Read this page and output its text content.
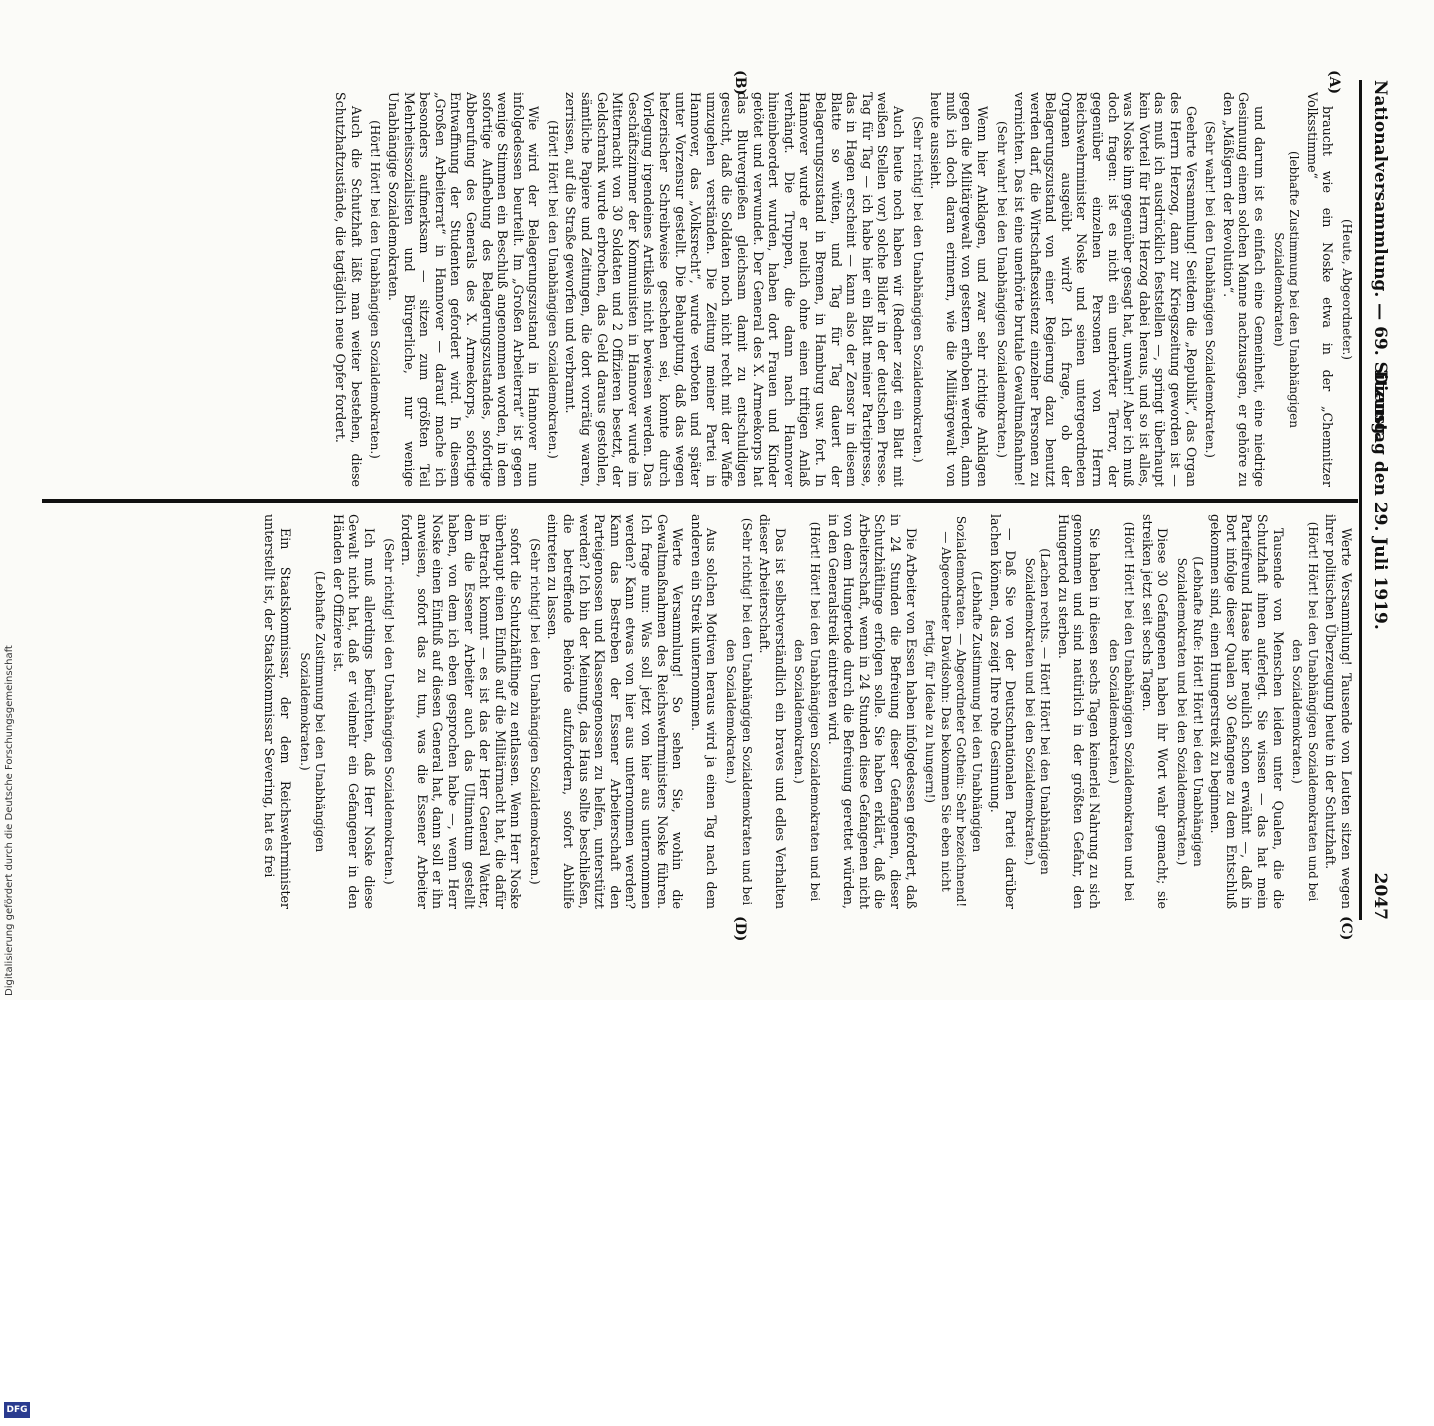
Nationalversammlung. — 69. Sitzung.
Dienstag den 29. Juli 1919.
2047
(A)
(B)
(C)
(D)

(Heute, Abgeordneter.)

braucht wie ein Noske etwa in der „Chemnitzer Volksstimme“

(lebhafte Zustimmung bei den Unabhängigen Sozialdemokraten)

und darum ist es einfach eine Gemeinheit, eine niedrige Gesinnung einem solchen Manne nachzusagen, er gehöre zu den „Mäßigern der Revolution“.

(Sehr wahr! bei den Unabhängigen Sozialdemokraten.)

Geehrte Versammlung! Seitdem die „Republik“, das Organ des Herrn Herzog, dann zur Kriegszeitung geworden ist — das muß ich ausdrücklich feststellen —, springt überhaupt kein Vorteil für Herrn Herzog dabei heraus, und so ist alles, was Noske ihm gegenüber gesagt hat, unwahr! Aber ich muß doch fragen: ist es nicht ein unerhörter Terror, der gegenüber einzelnen Personen von Herrn Reichswehrminister Noske und seinen untergeordneten Organen ausgeübt wird? Ich frage, ob der Belagerungszustand von einer Regierung dazu benutzt werden darf, die Wirtschaftsexistenz einzelner Personen zu vernichten. Das ist eine unerhörte brutale Gewaltmaßnahme!

(Sehr wahr! bei den Unabhängigen Sozialdemokraten.)

Wenn hier Anklagen, und zwar sehr richtige Anklagen gegen die Militärgewalt von gestern erhoben werden, dann muß ich doch daran erinnern, wie die Militärgewalt von heute aussieht.

(Sehr richtig! bei den Unabhängigen Sozialdemokraten.)

Auch heute noch haben wir (Redner zeigt ein Blatt mit weißen Stellen vor) solche Bilder in der deutschen Presse. Tag für Tag — ich habe hier ein Blatt meiner Parteipresse, das in Hagen erscheint — kann also der Zensor in diesem Blatte so wüten, und Tag für Tag dauert der Belagerungszustand in Bremen, in Hamburg usw. fort. In Hannover wurde er neulich ohne einen triftigen Anlaß verhängt. Die Truppen, die dann nach Hannover hineinbeordert wurden, haben dort Frauen und Kinder getötet und verwundet. Der General des X. Armeekorps hat das Blutvergießen gleichsam damit zu entschuldigen gesucht, daß die Soldaten noch nicht recht mit der Waffe umzugehen verständen. Die Zeitung meiner Partei in Hannover, das „Volksrecht“, wurde verboten und später unter Vorzensur gestellt. Die Behauptung, daß das wegen hetzerischer Schreibweise geschehen sei, konnte durch Vorlegung irgendeines Artikels nicht bewiesen werden. Das Geschäftszimmer der Kommunisten in Hannover wurde im Mitternacht von 30 Soldaten und 2 Offizieren besetzt, der Geldschrank wurde erbrochen, das Geld daraus gestohlen, sämtliche Papiere und Zeitungen, die dort vorrätig waren, zerrissen, auf die Straße geworfen und verbrannt.

(Hört! Hört! bei den Unabhängigen Sozialdemokraten.)

Wie wird der Belagerungszustand in Hannover nun infolgedessen beurteilt. Im „Großen Arbeiterrat“ ist gegen wenige Stimmen ein Beschluß angenommen worden, in dem sofortige Aufhebung des Belagerungszustandes, sofortige Abberufung des Generals des X. Armeekorps, sofortige Entwaffnung der Studenten gefordert wird. In diesem „Großen Arbeiterrat“ in Hannover — darauf mache ich besonders aufmerksam — sitzen zum größten Teil Mehrheitssozialisten und Bürgerliche, nur wenige Unabhängige Sozialdemokraten.

(Hört! Hört! bei den Unabhängigen Sozialdemokraten.)

Auch die Schutzhaft läßt man weiter bestehen, diese Schutzhaftzustände, die tagtäglich neue Opfer fordert.

Werte Versammlung! Tausende von Leuten sitzen wegen ihrer politischen Überzeugung heute in der Schutzhaft.

(Hört! Hört! bei den Unabhängigen Sozialdemokraten und bei den Sozialdemokraten.)

Tausende von Menschen leiden unter Qualen, die die Schutzhaft ihnen auferlegt. Sie wissen — das hat mein Parteifreund Haase hier neulich schon erwähnt —, daß in Bort infolge dieser Qualen 30 Gefangene zu dem Entschluß gekommen sind, einen Hungerstreik zu beginnen.

(Lebhafte Rufe: Hört! Hört! bei den Unabhängigen Sozialdemokraten und bei den Sozialdemokraten.)

Diese 30 Gefangenen haben ihr Wort wahr gemacht; sie streiken jetzt seit sechs Tagen.

(Hört! Hört! bei den Unabhängigen Sozialdemokraten und bei den Sozialdemokraten.)

Sie haben in diesen sechs Tagen keinerlei Nahrung zu sich genommen und sind natürlich in der größten Gefahr, den Hungertod zu sterben.

(Lachen rechts. — Hört! Hört! bei den Unabhängigen Sozialdemokraten und bei den Sozialdemokraten.)

— Daß Sie von der Deutschnationalen Partei darüber lachen können, das zeigt Ihre rohe Gesinnung.

(Lebhafte Zustimmung bei den Unabhängigen Sozialdemokraten. — Abgeordneter Gothein: Sehr bezeichnend! — Abgeordneter Davidsohn: Das bekommen Sie eben nicht fertig, für Ideale zu hungern!)

Die Arbeiter von Essen haben infolgedessen gefordert, daß in 24 Stunden die Befreiung dieser Gefangenen, dieser Schutzhäftlinge erfolgen solle. Sie haben erklärt, daß die Arbeiterschaft, wenn in 24 Stunden diese Gefangenen nicht von dem Hungertode durch die Befreiung gerettet würden, in den Generalstreik eintreten wird.

(Hört! Hört! bei den Unabhängigen Sozialdemokraten und bei den Sozialdemokraten.)

Das ist selbstverständlich ein braves und edles Verhalten dieser Arbeiterschaft.

(Sehr richtig! bei den Unabhängigen Sozialdemokraten und bei den Sozialdemokraten.)

Aus solchen Motiven heraus wird ja einen Tag nach dem anderen ein Streik unternommen.

Werte Versammlung! So sehen Sie, wohin die Gewaltmaßnahmen des Reichswehrministers Noske führen. Ich frage nun: Was soll jetzt von hier aus unternommen werden? Kann etwas von hier aus unternommen werden? Kann das Bestreben der Essener Arbeiterschaft den Parteigenossen und Klassengenossen zu helfen, unterstützt werden? Ich bin der Meinung, das Haus sollte beschließen, die betreffende Behörde aufzufordern, sofort Abhilfe eintreten zu lassen.

(Sehr richtig! bei den Unabhängigen Sozialdemokraten.)

sofort die Schutzhäftlinge zu entlassen. Wenn Herr Noske überhaupt einen Einfluß auf die Militärmacht hat, die dafür in Betracht kommt — es ist das der Herr General Watter, dem die Essener Arbeiter auch das Ultimatum gestellt haben, von dem ich eben gesprochen habe —, wenn Herr Noske einen Einfluß auf diesen General hat, dann soll er ihn anweisen, sofort das zu tun, was die Essener Arbeiter fordern.

(Sehr richtig! bei den Unabhängigen Sozialdemokraten.)

Ich muß allerdings befürchten, daß Herr Noske diese Gewalt nicht hat, daß er vielmehr ein Gefangener in den Händen der Offiziere ist.

(Lebhafte Zustimmung bei den Unabhängigen Sozialdemokraten.)

Ein Staatskommissar, der dem Reichswehrminister unterstellt ist, der Staatskommissar Severing, hat es frei

DFG
Digitalisierung gefördert durch die Deutsche Forschungsgemeinschaft
